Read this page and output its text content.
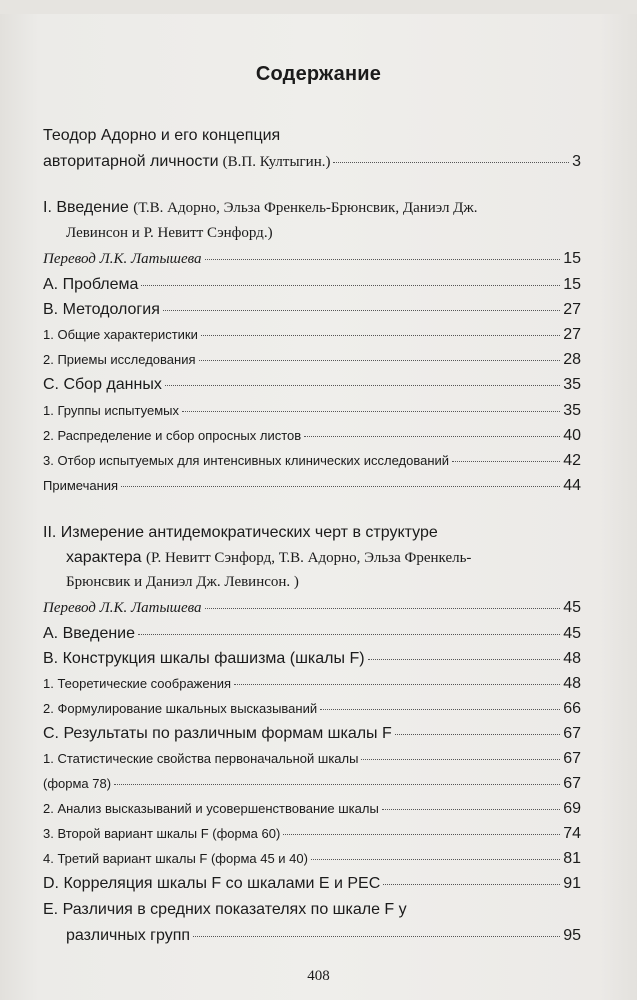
Содержание
Теодор Адорно и его концепция
авторитарной личности (В.П. Култыгин.)	3
I. Введение (Т.В. Адорно, Эльза Френкель-Брюнсвик, Даниэл Дж.
Левинсон и Р. Невитт Сэнфорд.)
Перевод Л.К. Латышева	15
A. Проблема	15
B. Методология	27
1. Общие характеристики	27
2. Приемы исследования	28
C. Сбор данных	35
1. Группы испытуемых	35
2. Распределение и сбор опросных листов	40
3. Отбор испытуемых для интенсивных клинических исследований	42
Примечания	44
II. Измерение антидемократических черт в структуре
характера (Р. Невитт Сэнфорд, Т.В. Адорно, Эльза Френкель-
Брюнсвик и Даниэл Дж. Левинсон. )
Перевод Л.К. Латышева	45
A. Введение	45
B. Конструкция шкалы фашизма (шкалы F)	48
1. Теоретические соображения	48
2. Формулирование шкальных высказываний	66
C. Результаты по различным формам шкалы F	67
1. Статистические свойства первоначальной шкалы	67
(форма 78)	67
2. Анализ высказываний и усовершенствование шкалы	69
3. Второй вариант шкалы F (форма 60)	74
4. Третий вариант шкалы F (форма 45 и 40)	81
D. Корреляция шкалы F со шкалами E и PEC	91
E. Различия в средних показателях по шкале F у
различных групп	95
408
